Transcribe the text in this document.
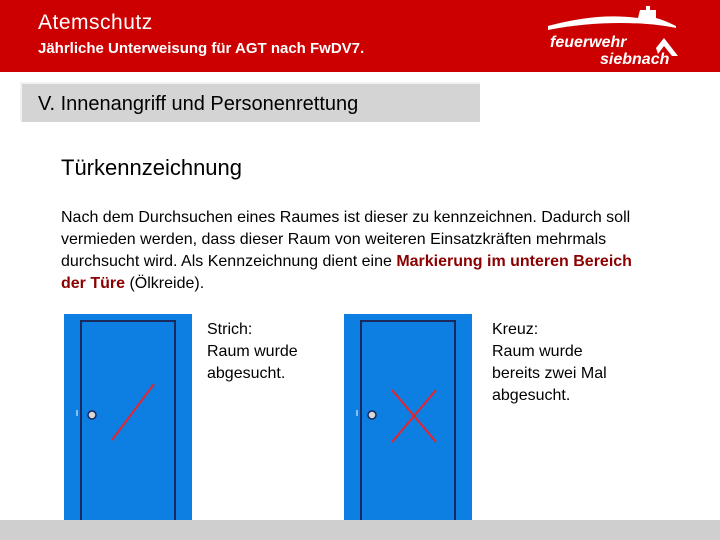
Atemschutz
Jährliche Unterweisung für AGT nach FwDV7.	feuerwehr
siebnach
V. Innenangriff und Personenrettung
Türkennzeichnung
Nach dem Durchsuchen eines Raumes ist dieser zu kennzeichnen. Dadurch soll vermieden werden, dass dieser Raum von weiteren Einsatzkräften mehrmals durchsucht wird. Als Kennzeichnung dient eine Markierung im unteren Bereich der Türe (Ölkreide).
Strich:
Raum wurde
abgesucht.
Kreuz:
Raum wurde
bereits zwei Mal
abgesucht.
